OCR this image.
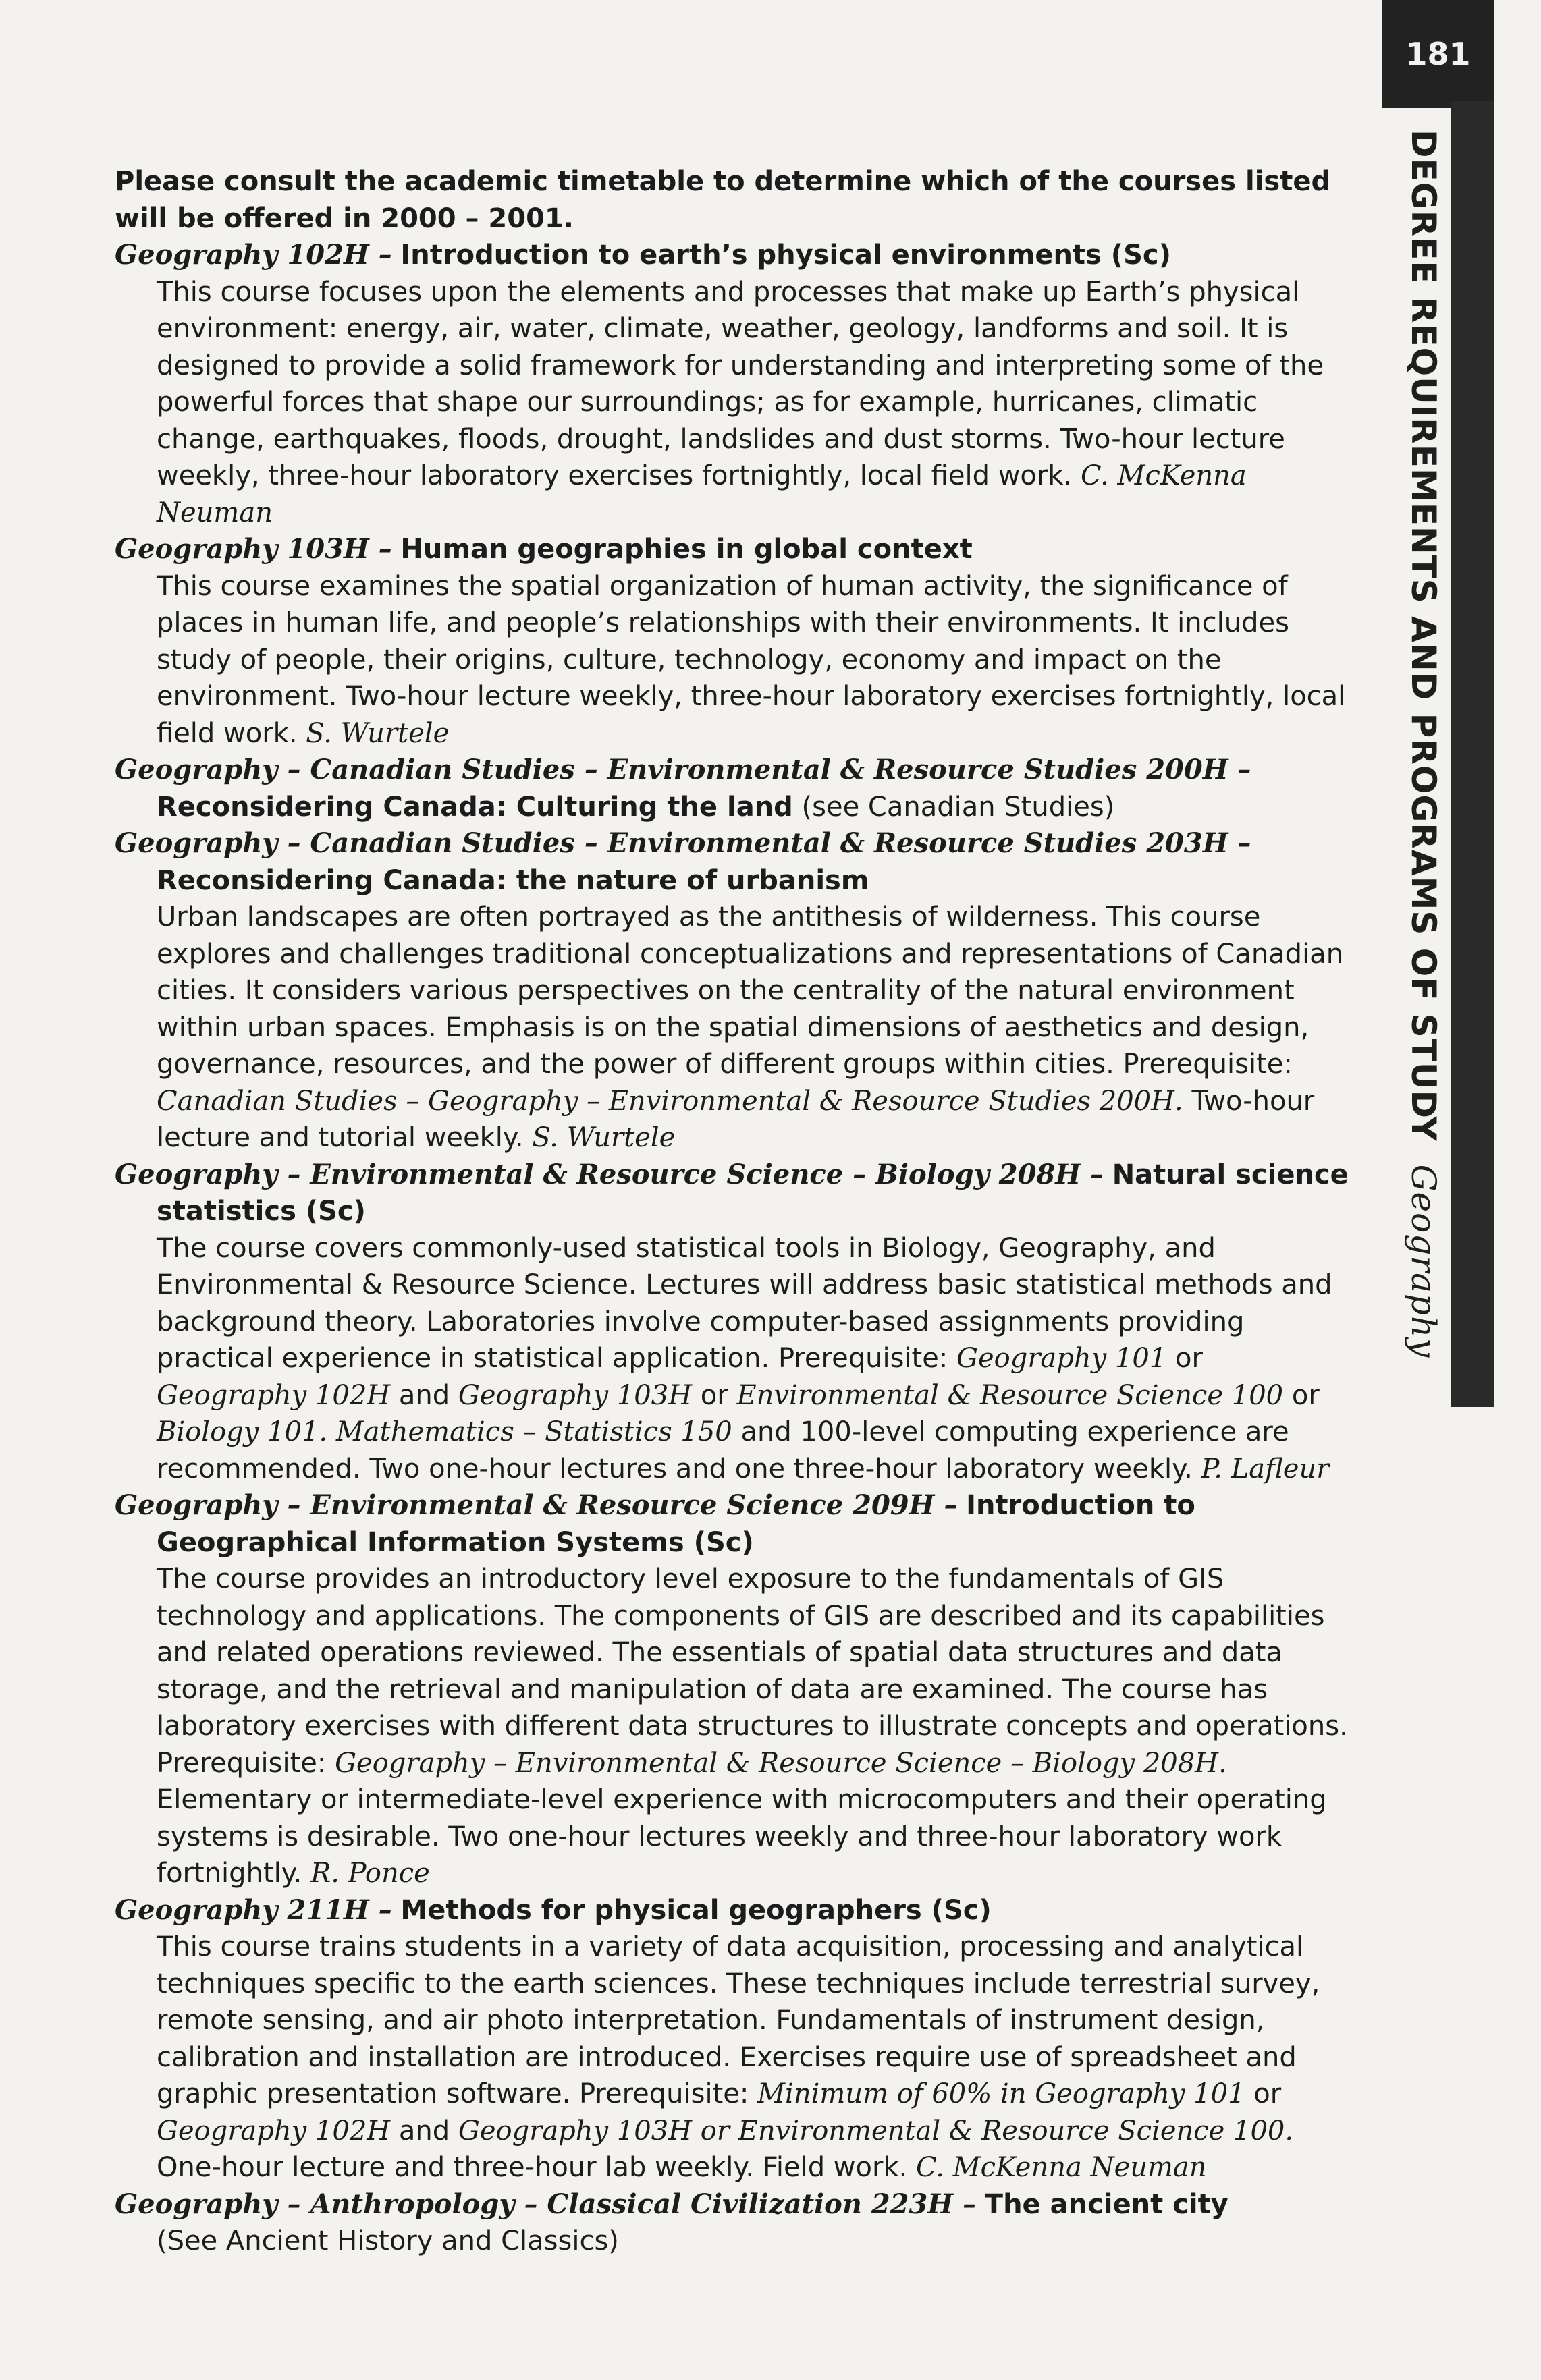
181
DEGREE REQUIREMENTS AND PROGRAMS OF STUDYGeography

Please consult the academic timetable to determine which of the courses listed will be offered in 2000 – 2001.

Geography 102H – Introduction to earth’s physical environments (Sc)
This course focuses upon the elements and processes that make up Earth’s physical environment: energy, air, water, climate, weather, geology, landforms and soil. It is designed to provide a solid framework for understanding and interpreting some of the powerful forces that shape our surroundings; as for example, hurricanes, climatic change, earthquakes, floods, drought, landslides and dust storms. Two-hour lecture weekly, three-hour laboratory exercises fortnightly, local field work. C. McKenna Neuman
Geography 103H – Human geographies in global context
This course examines the spatial organization of human activity, the significance of places in human life, and people’s relationships with their environments. It includes study of people, their origins, culture, technology, economy and impact on the environment. Two-hour lecture weekly, three-hour laboratory exercises fortnightly, local field work. S. Wurtele
Geography – Canadian Studies – Environmental & Resource Studies 200H – Reconsidering Canada: Culturing the land (see Canadian Studies)
Geography – Canadian Studies – Environmental & Resource Studies 203H – Reconsidering Canada: the nature of urbanism
Urban landscapes are often portrayed as the antithesis of wilderness. This course explores and challenges traditional conceptualizations and representations of Canadian cities. It considers various perspectives on the centrality of the natural environment within urban spaces. Emphasis is on the spatial dimensions of aesthetics and design, governance, resources, and the power of different groups within cities. Prerequisite: Canadian Studies – Geography – Environmental & Resource Studies 200H. Two-hour lecture and tutorial weekly. S. Wurtele
Geography – Environmental & Resource Science – Biology 208H – Natural science statistics (Sc)
The course covers commonly-used statistical tools in Biology, Geography, and Environmental & Resource Science. Lectures will address basic statistical methods and background theory. Laboratories involve computer-based assignments providing practical experience in statistical application. Prerequisite: Geography 101 or Geography 102H and Geography 103H or Environmental & Resource Science 100 or Biology 101. Mathematics – Statistics 150 and 100-level computing experience are recommended. Two one-hour lectures and one three-hour laboratory weekly. P. Lafleur
Geography – Environmental & Resource Science 209H – Introduction to Geographical Information Systems (Sc)
The course provides an introductory level exposure to the fundamentals of GIS technology and applications. The components of GIS are described and its capabilities and related operations reviewed. The essentials of spatial data structures and data storage, and the retrieval and manipulation of data are examined. The course has laboratory exercises with different data structures to illustrate concepts and operations. Prerequisite: Geography – Environmental & Resource Science – Biology 208H. Elementary or intermediate-level experience with microcomputers and their operating systems is desirable. Two one-hour lectures weekly and three-hour laboratory work fortnightly. R. Ponce
Geography 211H – Methods for physical geographers (Sc)
This course trains students in a variety of data acquisition, processing and analytical techniques specific to the earth sciences. These techniques include terrestrial survey, remote sensing, and air photo interpretation. Fundamentals of instrument design, calibration and installation are introduced. Exercises require use of spreadsheet and graphic presentation software. Prerequisite: Minimum of 60% in Geography 101 or Geography 102H and Geography 103H or Environmental & Resource Science 100. One-hour lecture and three-hour lab weekly. Field work. C. McKenna Neuman
Geography – Anthropology – Classical Civilization 223H – The ancient city
(See Ancient History and Classics)
